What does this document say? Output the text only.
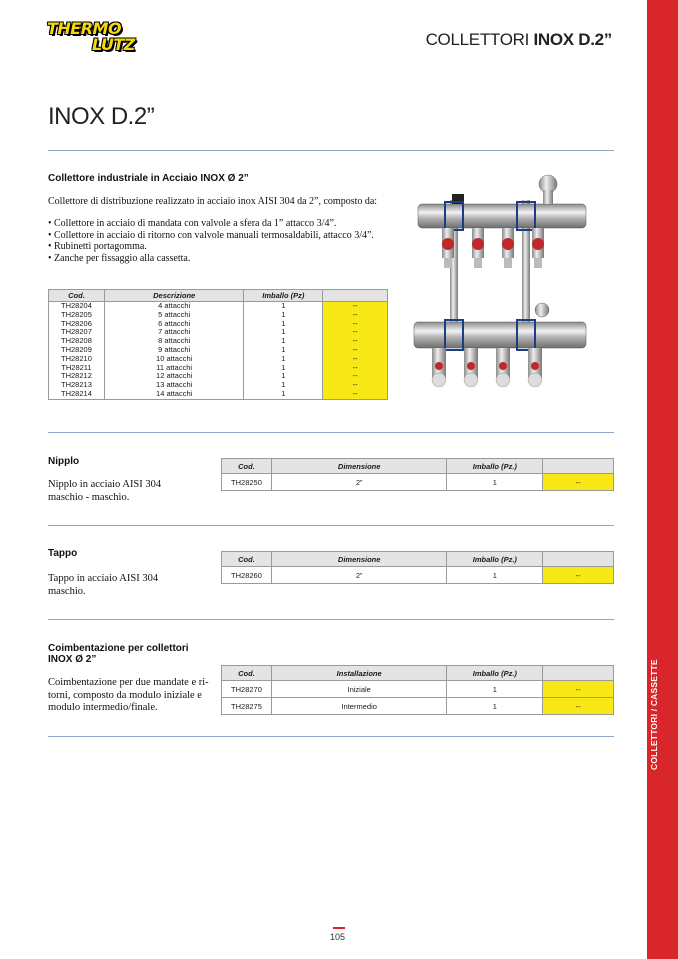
THERMO
LUTZ	COLLETTORI INOX D.2”
COLLETTORI / CASSETTE
INOX D.2”
Collettore industriale in Acciaio INOX Ø 2”
Collettore di distribuzione realizzato in acciaio inox AISI 304 da 2”, composto da:
• Collettore in acciaio di mandata con valvole a sfera da 1” attacco 3/4”.
• Collettore in acciaio di ritorno con valvole manuali termosaldabili, attacco 3/4”.
• Rubinetti portagomma.
• Zanche per fissaggio alla cassetta.
Cod.	Descrizione	Imballo (Pz)	
TH28204	4 attacchi	1	--
TH28205	5 attacchi	1	--
TH28206	6 attacchi	1	--
TH28207	7 attacchi	1	--
TH28208	8 attacchi	1	--
TH28209	9 attacchi	1	--
TH28210	10 attacchi	1	--
TH28211	11 attacchi	1	--
TH28212	12 attacchi	1	--
TH28213	13 attacchi	1	--
TH28214	14 attacchi	1	--
Nipplo
Nipplo in acciaio AISI 304
maschio - maschio.
Cod.	Dimensione	Imballo (Pz.)	
TH28250	2”	1	--
Tappo
Tappo in acciaio AISI 304
maschio.
Cod.	Dimensione	Imballo (Pz.)	
TH28260	2”	1	--
Coimbentazione per collettori
INOX Ø 2”
Coimbentazione per due mandate e ri-
torni, composto da modulo iniziale e
modulo intermedio/finale.
Cod.	Installazione	Imballo (Pz.)	
TH28270	Iniziale	1	--
TH28275	Intermedio	1	--
105
